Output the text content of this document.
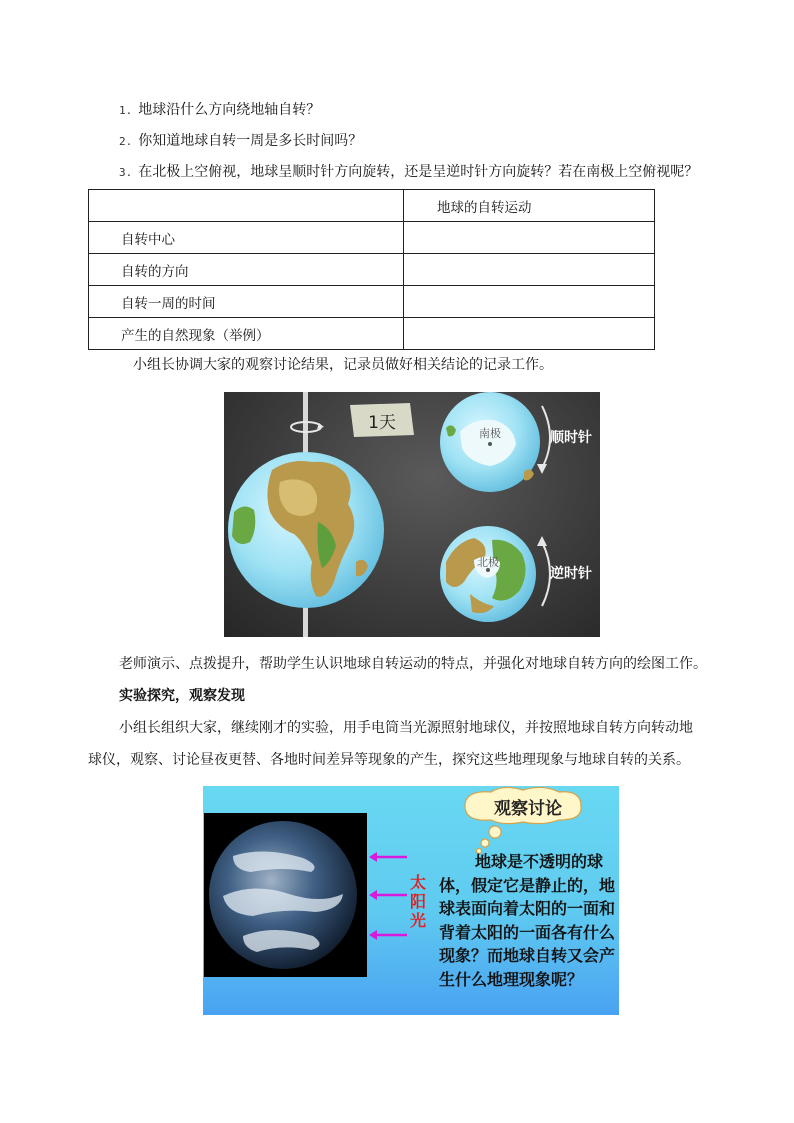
1. 地球沿什么方向绕地轴自转？
2. 你知道地球自转一周是多长时间吗？
3. 在北极上空俯视，地球呈顺时针方向旋转，还是呈逆时针方向旋转？若在南极上空俯视呢？
	地球的自转运动
自转中心	
自转的方向	
自转一周的时间	
产生的自然现象（举例）	
小组长协调大家的观察讨论结果，记录员做好相关结论的记录工作。
1天
南极	顺时针
北极
逆时针
老师演示、点拨提升，帮助学生认识地球自转运动的特点，并强化对地球自转方向的绘图工作。
实验探究，观察发现
小组长组织大家，继续刚才的实验，用手电筒当光源照射地球仪，并按照地球自转方向转动地
球仪，观察、讨论昼夜更替、各地时间差异等现象的产生，探究这些地理现象与地球自转的关系。
观察讨论
太阳光
地球是不透明的球体，假定它是静止的，地球表面向着太阳的一面和背着太阳的一面各有什么现象？而地球自转又会产生什么地理现象呢？
